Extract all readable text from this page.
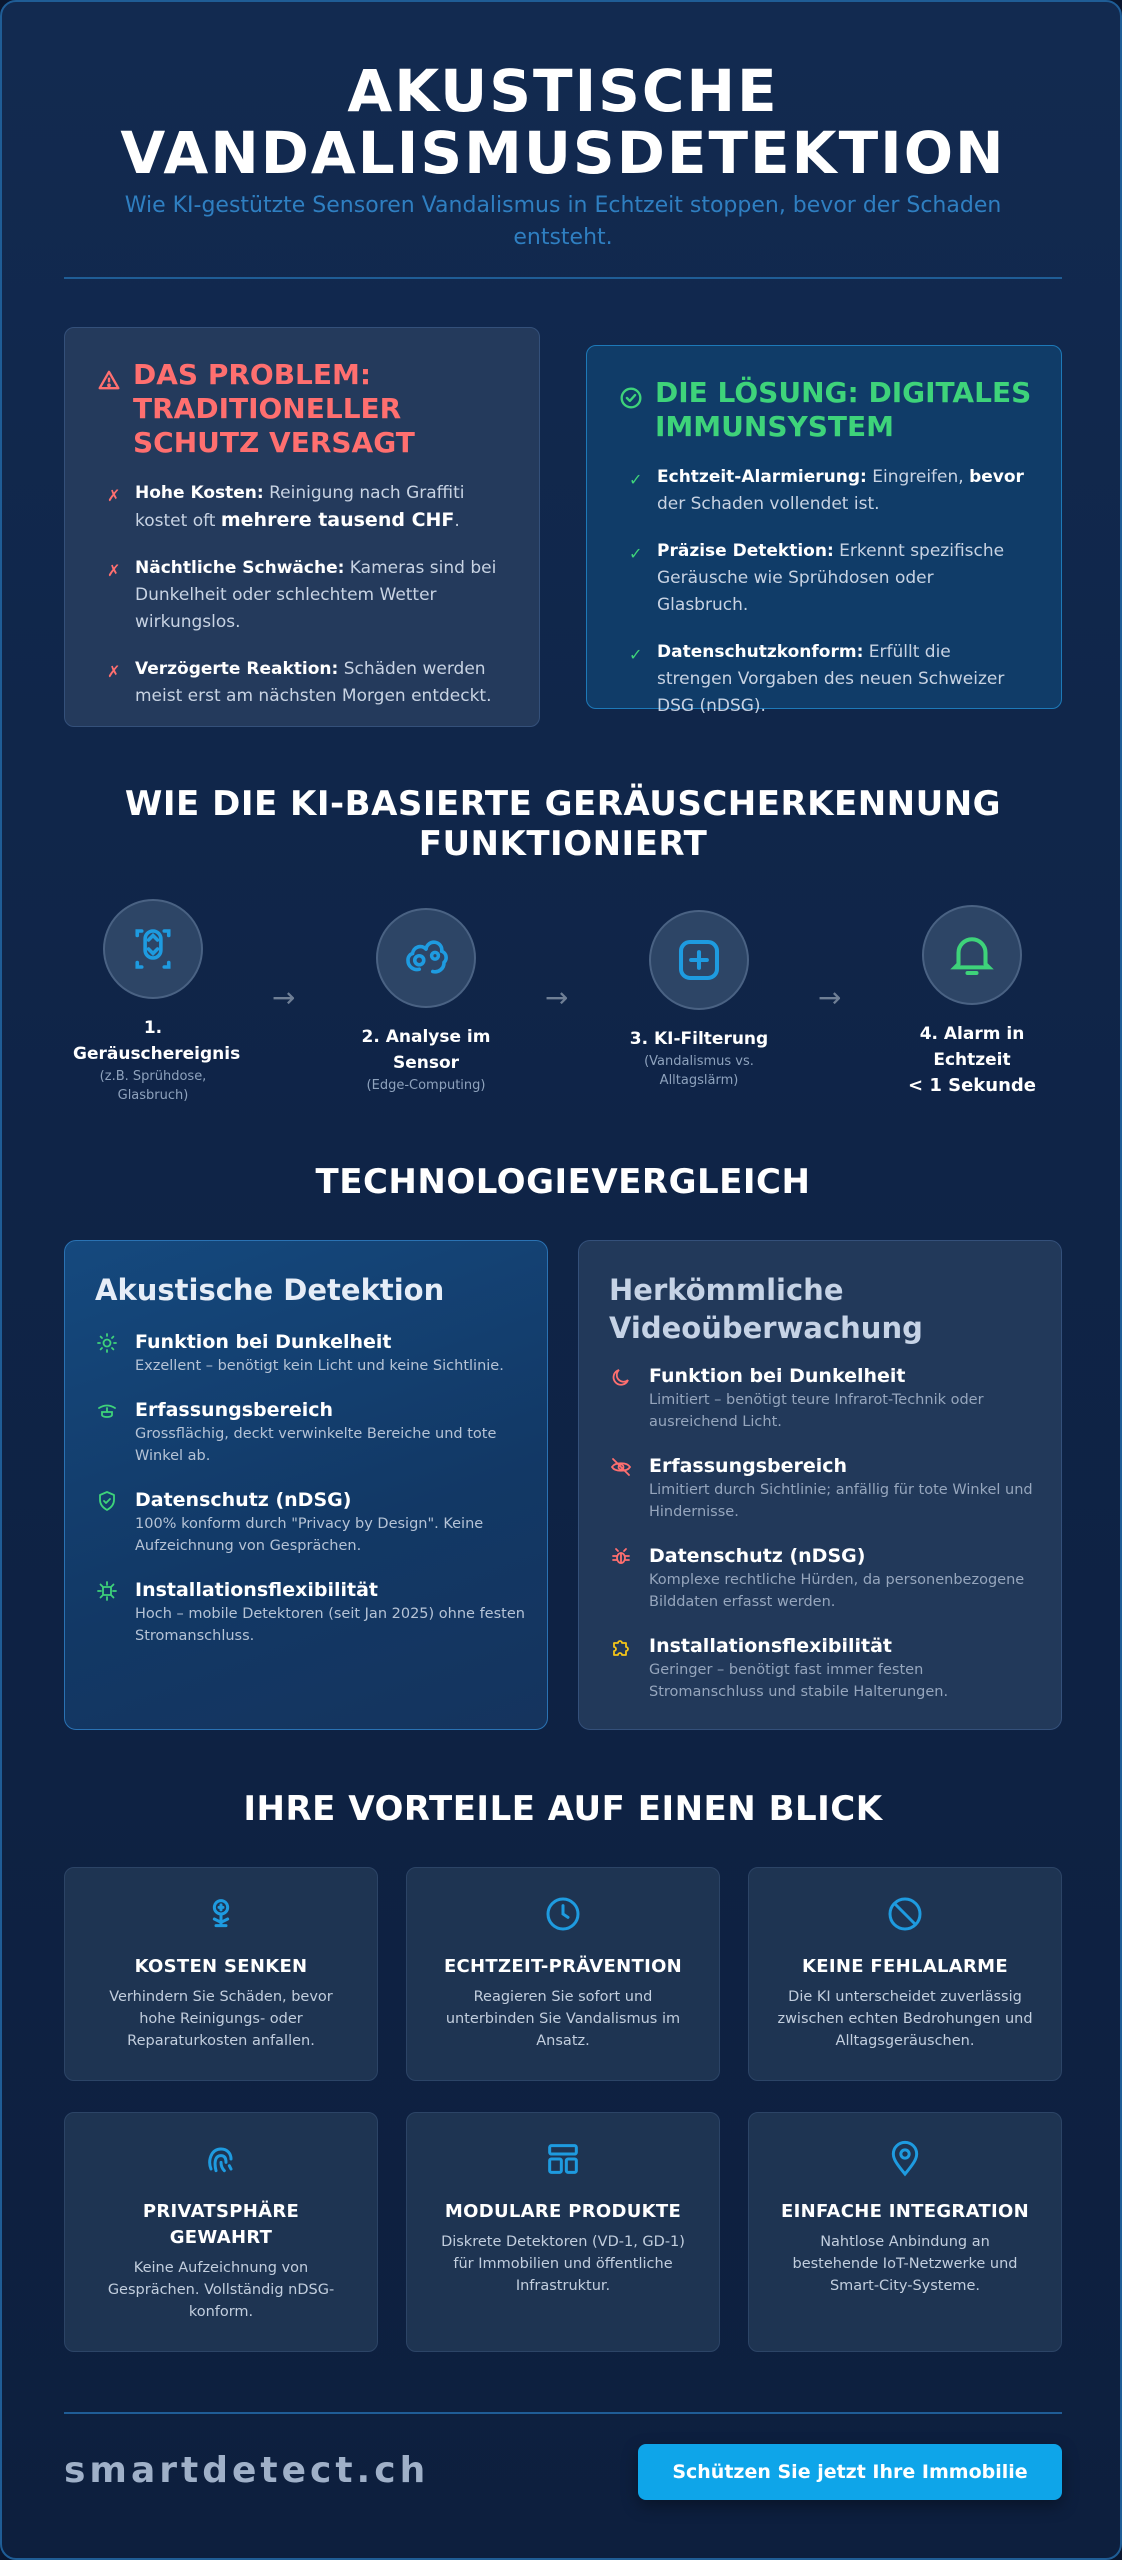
AKUSTISCHE
VANDALISMUSDETEKTION
Wie KI-gestützte Sensoren Vandalismus in Echtzeit stoppen, bevor der Schaden entsteht.
DAS PROBLEM: TRADITIONELLER SCHUTZ VERSAGT
✗ Hohe Kosten: Reinigung nach Graffiti kostet oft mehrere tausend CHF.
✗ Nächtliche Schwäche: Kameras sind bei Dunkelheit oder schlechtem Wetter wirkungslos.
✗ Verzögerte Reaktion: Schäden werden meist erst am nächsten Morgen entdeckt.
DIE LÖSUNG: DIGITALES IMMUNSYSTEM
✓ Echtzeit-Alarmierung: Eingreifen, bevor der Schaden vollendet ist.
✓ Präzise Detektion: Erkennt spezifische Geräusche wie Sprühdosen oder Glasbruch.
✓ Datenschutzkonform: Erfüllt die strengen Vorgaben des neuen Schweizer DSG (nDSG).
WIE DIE KI-BASIERTE GERÄUSCHERKENNUNG
FUNKTIONIERT
1. Geräuschereignis
(z.B. Sprühdose, Glasbruch)
→
2. Analyse im Sensor
(Edge-Computing)
→
3. KI-Filterung
(Vandalismus vs. Alltagslärm)
→
4. Alarm in Echtzeit
< 1 Sekunde
TECHNOLOGIEVERGLEICH
Akustische Detektion
Funktion bei Dunkelheit
Exzellent – benötigt kein Licht und keine Sichtlinie.
Erfassungsbereich
Grossflächig, deckt verwinkelte Bereiche und tote Winkel ab.
Datenschutz (nDSG)
100% konform durch "Privacy by Design". Keine Aufzeichnung von Gesprächen.
Installationsflexibilität
Hoch – mobile Detektoren (seit Jan 2025) ohne festen Stromanschluss.
Herkömmliche Videoüberwachung
Funktion bei Dunkelheit
Limitiert – benötigt teure Infrarot-Technik oder ausreichend Licht.
Erfassungsbereich
Limitiert durch Sichtlinie; anfällig für tote Winkel und Hindernisse.
Datenschutz (nDSG)
Komplexe rechtliche Hürden, da personenbezogene Bilddaten erfasst werden.
Installationsflexibilität
Geringer – benötigt fast immer festen Stromanschluss und stabile Halterungen.
IHRE VORTEILE AUF EINEN BLICK
KOSTEN SENKEN
Verhindern Sie Schäden, bevor hohe Reinigungs- oder Reparaturkosten anfallen.
ECHTZEIT-PRÄVENTION
Reagieren Sie sofort und unterbinden Sie Vandalismus im Ansatz.
KEINE FEHLALARME
Die KI unterscheidet zuverlässig zwischen echten Bedrohungen und Alltagsgeräuschen.
PRIVATSPHÄRE GEWAHRT
Keine Aufzeichnung von Gesprächen. Vollständig nDSG-konform.
MODULARE PRODUKTE
Diskrete Detektoren (VD-1, GD-1) für Immobilien und öffentliche Infrastruktur.
EINFACHE INTEGRATION
Nahtlose Anbindung an bestehende IoT-Netzwerke und Smart-City-Systeme.
smartdetect.ch	Schützen Sie jetzt Ihre Immobilie
